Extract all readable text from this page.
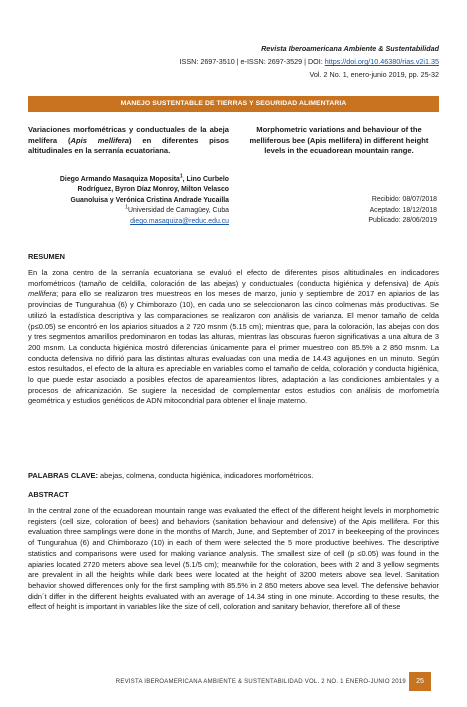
Revista Iberoamericana Ambiente & Sustentabilidad
ISSN: 2697-3510 | e-ISSN: 2697-3529 | DOI: https://doi.org/10.46380/rias.v2i1.35
Vol. 2 No. 1, enero-junio 2019, pp. 25-32
MANEJO SUSTENTABLE DE TIERRAS Y SEGURIDAD ALIMENTARIA
Variaciones morfométricas y conductuales de la abeja melífera (Apis mellifera) en diferentes pisos altitudinales en la serranía ecuatoriana.
Morphometric variations and behaviour of the melliferous bee (Apis mellifera) in different height levels in the ecuadorean mountain range.
Diego Armando Masaquiza Moposita$^1$, Lino Curbelo
Rodríguez, Byron Díaz Monroy, Milton Velasco
Guanoluisa y Verónica Cristina Andrade Yucailla
$^1$Universidad de Camagüey, Cuba
diego.masaquiza@reduc.edu.cu
Recibido: 08/07/2018
Aceptado: 18/12/2018
Publicado: 28/06/2019
RESUMEN
En la zona centro de la serranía ecuatoriana se evaluó el efecto de diferentes pisos altitudinales en indicadores morfométricos (tamaño de celdilla, coloración de las abejas) y conductuales (conducta higiénica y defensiva) de Apis mellifera; para ello se realizaron tres muestreos en los meses de marzo, junio y septiembre de 2017 en apiarios de las provincias de Tungurahua (6) y Chimborazo (10), en cada uno se seleccionaron las cinco colmenas más productivas. Se utilizó la estadística descriptiva y las comparaciones se realizaron con análisis de varianza. El menor tamaño de celda (p≤0.05) se encontró en los apiarios situados a 2 720 msnm (5.15 cm); mientras que, para la coloración, las abejas con dos y tres segmentos amarillos predominaron en todas las alturas, mientras las obscuras fueron significativas a una altura de 3 200 msnm. La conducta higiénica mostró diferencias únicamente para el primer muestreo con 85.5% a 2 850 msnm. La conducta defensiva no difirió para las distintas alturas evaluadas con una media de 14.43 aguijones en un minuto. Según estos resultados, el efecto de la altura es apreciable en variables como el tamaño de celda, coloración y conducta higiénica, lo que puede estar asociado a posibles efectos de apareamientos libres, adaptación a las condiciones ambientales y a procesos de africanización. Se sugiere la necesidad de complementar estos estudios con análisis de morfometría geométrica y estudios genéticos de ADN mitocondrial para obtener el linaje materno.
PALABRAS CLAVE: abejas, colmena, conducta higiénica, indicadores morfométricos.
ABSTRACT
In the central zone of the ecuadorean mountain range was evaluated the effect of the different height levels in morphometric registers (cell size, coloration of bees) and behaviors (sanitation behaviour and defensive) of the Apis mellifera. For this evaluation three samplings were done in the months of March, June, and September of 2017 in beekeeping of the provinces of Tungurahua (6) and Chimborazo (10) in each of them were selected the 5 more productive beehives. The descriptive statistics and comparisons were used for making variance analysis. The smallest size of cell (p ≤0.05) was found in the apiaries located 2720 meters above sea level (5.1/5 cm); meanwhile for the coloration, bees with 2 and 3 yellow segments are prevalent in all the heights while dark bees were located at the height of 3200 meters above sea level. Sanitation behavior showed differences only for the first sampling with 85.5% in 2 850 meters above sea level. The defensive behavior didn´t differ in the different heights evaluated with an average of 14.34 sting in one minute. According to these results, the effect of height is important in variables like the size of cell, coloration and sanitary behavior, therefore all of these
REVISTA IBEROAMERICANA AMBIENTE & SUSTENTABILIDAD VOL. 2 NO. 1 ENERO-JUNIO 2019	25
